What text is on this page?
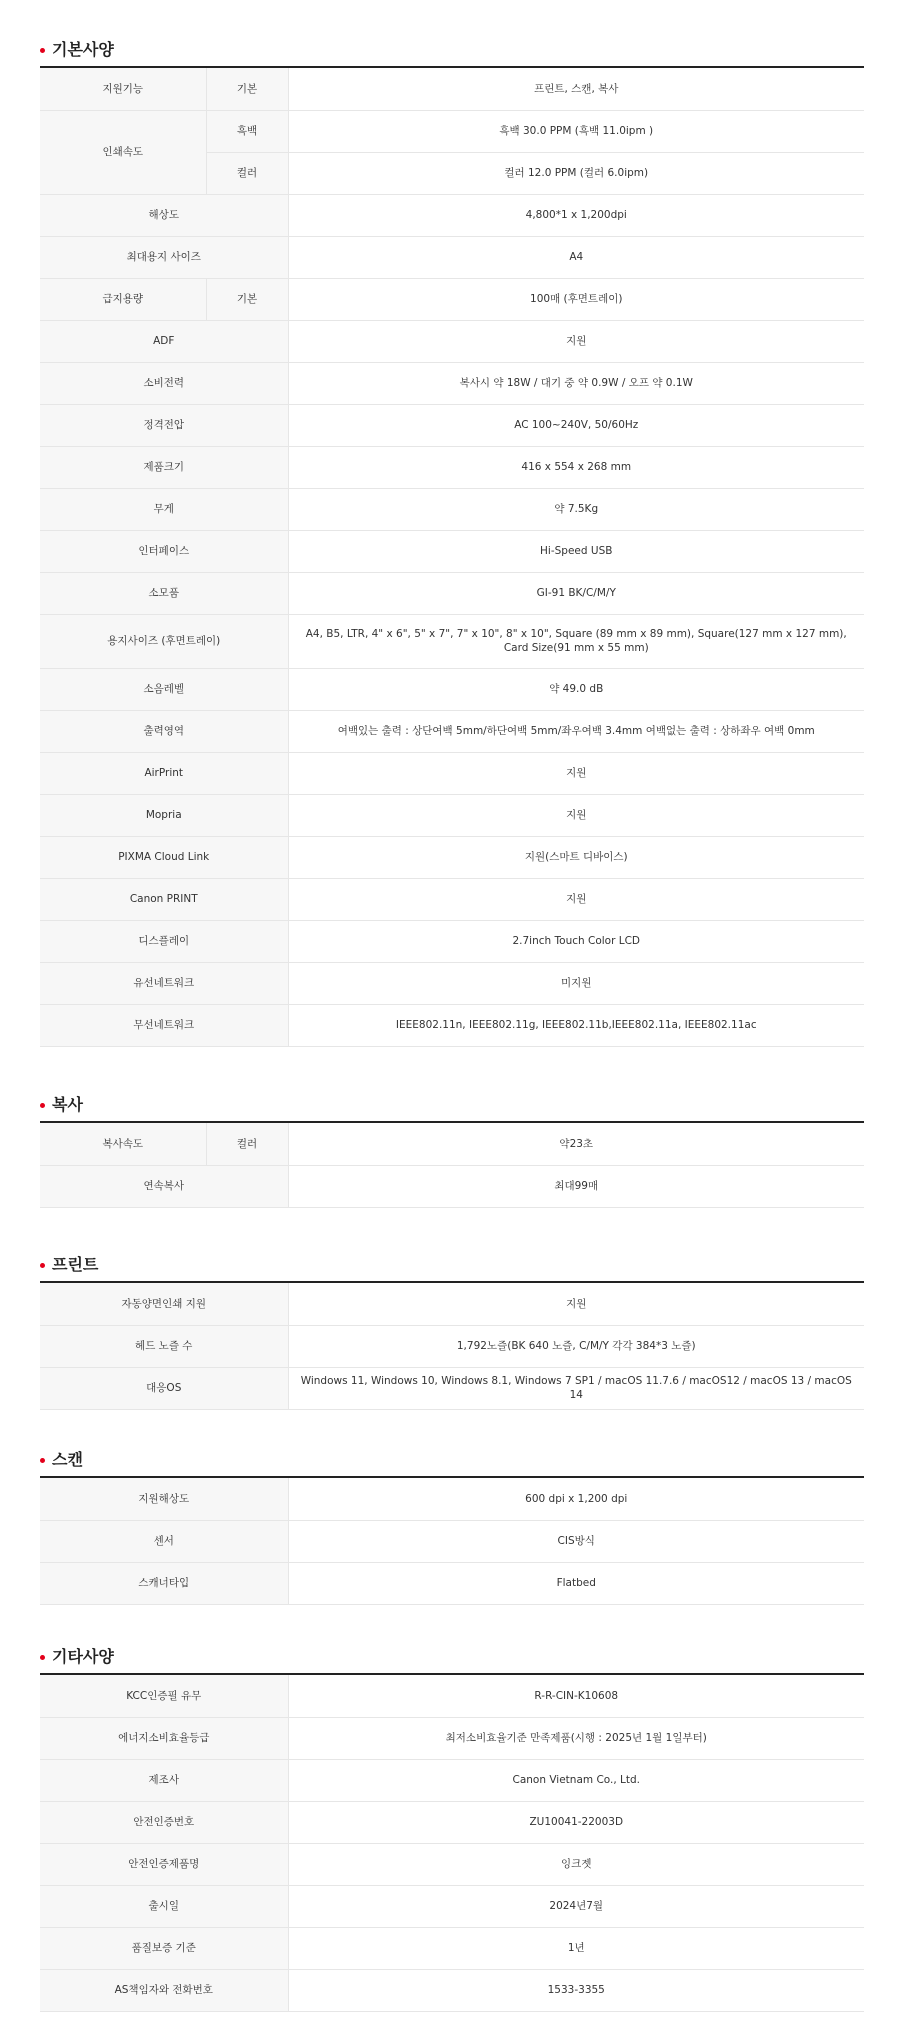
기본사양
지원기능	기본	프린트, 스캔, 복사
인쇄속도	흑백	흑백 30.0 PPM (흑백 11.0ipm )
	컬러	컬러 12.0 PPM (컬러 6.0ipm)
해상도		4,800*1 x 1,200dpi
최대용지 사이즈		A4
급지용량	기본	100매 (후면트레이)
ADF		지원
소비전력		복사시 약 18W / 대기 중 약 0.9W / 오프 약 0.1W
정격전압		AC 100~240V, 50/60Hz
제품크기		416 x 554 x 268 mm
무게		약 7.5Kg
인터페이스		Hi-Speed USB
소모품		GI-91 BK/C/M/Y
용지사이즈 (후면트레이)		A4, B5, LTR, 4" x 6", 5" x 7", 7" x 10", 8" x 10", Square (89 mm x 89 mm), Square(127 mm x 127 mm), Card Size(91 mm x 55 mm)
소음레벨		약 49.0 dB
출력영역		여백있는 출력 : 상단여백 5mm/하단여백 5mm/좌우여백 3.4mm 여백없는 출력 : 상하좌우 여백 0mm
AirPrint		지원
Mopria		지원
PIXMA Cloud Link		지원(스마트 디바이스)
Canon PRINT		지원
디스플레이		2.7inch Touch Color LCD
유선네트워크		미지원
무선네트워크		IEEE802.11n, IEEE802.11g, IEEE802.11b,IEEE802.11a, IEEE802.11ac
복사
복사속도	컬러	약23초
연속복사		최대99매
프린트
자동양면인쇄 지원	지원
헤드 노즐 수	1,792노즐(BK 640 노즐, C/M/Y 각각 384*3 노즐)
대응OS	Windows 11, Windows 10, Windows 8.1, Windows 7 SP1 / macOS 11.7.6 / macOS12 / macOS 13 / macOS 14
스캔
지원해상도	600 dpi x 1,200 dpi
센서	CIS방식
스캐너타입	Flatbed
기타사양
KCC인증필 유무	R-R-CIN-K10608
에너지소비효율등급	최저소비효율기준 만족제품(시행 : 2025년 1월 1일부터)
제조사	Canon Vietnam Co., Ltd.
안전인증번호	ZU10041-22003D
안전인증제품명	잉크젯
출시일	2024년7월
품질보증 기준	1년
AS책임자와 전화번호	1533-3355
